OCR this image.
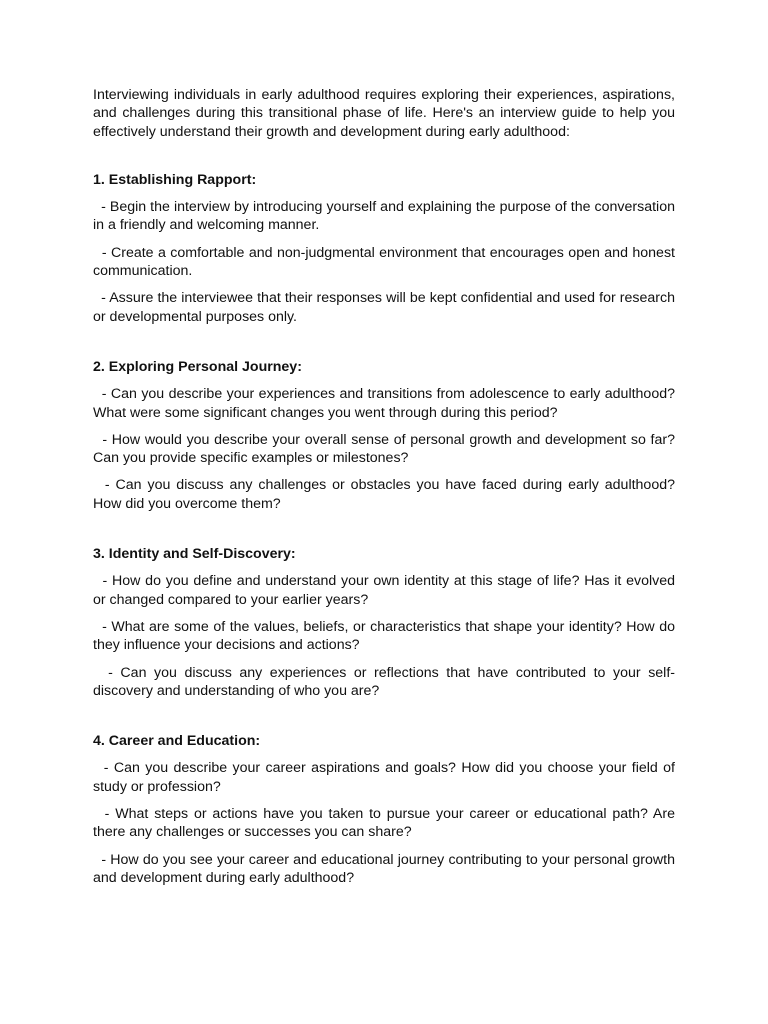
Interviewing individuals in early adulthood requires exploring their experiences, aspirations, and challenges during this transitional phase of life. Here's an interview guide to help you effectively understand their growth and development during early adulthood:

1. Establishing Rapport:

- Begin the interview by introducing yourself and explaining the purpose of the conversation in a friendly and welcoming manner.

- Create a comfortable and non-judgmental environment that encourages open and honest communication.

- Assure the interviewee that their responses will be kept confidential and used for research or developmental purposes only.

2. Exploring Personal Journey:

- Can you describe your experiences and transitions from adolescence to early adulthood? What were some significant changes you went through during this period?

- How would you describe your overall sense of personal growth and development so far? Can you provide specific examples or milestones?

- Can you discuss any challenges or obstacles you have faced during early adulthood? How did you overcome them?

3. Identity and Self-Discovery:

- How do you define and understand your own identity at this stage of life? Has it evolved or changed compared to your earlier years?

- What are some of the values, beliefs, or characteristics that shape your identity? How do they influence your decisions and actions?

- Can you discuss any experiences or reflections that have contributed to your self-discovery and understanding of who you are?

4. Career and Education:

- Can you describe your career aspirations and goals? How did you choose your field of study or profession?

- What steps or actions have you taken to pursue your career or educational path? Are there any challenges or successes you can share?

- How do you see your career and educational journey contributing to your personal growth and development during early adulthood?
